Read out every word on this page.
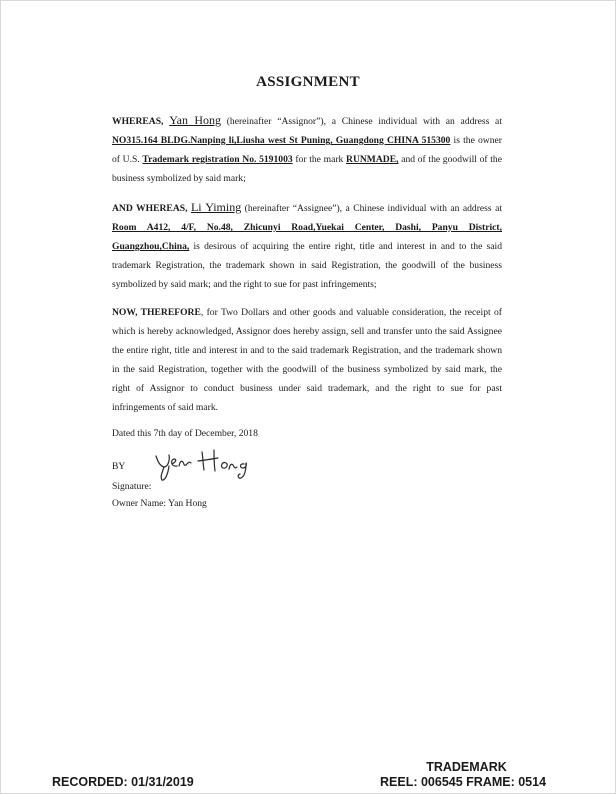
ASSIGNMENT
WHEREAS, Yan Hong (hereinafter “Assignor”), a Chinese individual with an address at NO315.164 BLDG.Nanping li,Liusha west St Puning, Guangdong CHINA 515300 is the owner of U.S. Trademark registration No. 5191003 for the mark RUNMADE, and of the goodwill of the business symbolized by said mark;
AND WHEREAS, Li Yiming (hereinafter “Assignee”), a Chinese individual with an address at Room A412, 4/F, No.48, Zhicunyi Road,Yuekai Center, Dashi, Panyu District, Guangzhou,China, is desirous of acquiring the entire right, title and interest in and to the said trademark Registration, the trademark shown in said Registration, the goodwill of the business symbolized by said mark; and the right to sue for past infringements;
NOW, THEREFORE, for Two Dollars and other goods and valuable consideration, the receipt of which is hereby acknowledged, Assignor does hereby assign, sell and transfer unto the said Assignee the entire right, title and interest in and to the said trademark Registration, and the trademark shown in the said Registration, together with the goodwill of the business symbolized by said mark, the right of Assignor to conduct business under said trademark, and the right to sue for past infringements of said mark.
Dated this 7th day of December, 2018
BY
Signature:
Owner Name: Yan Hong
RECORDED: 01/31/2019
TRADEMARK
REEL: 006545 FRAME: 0514
